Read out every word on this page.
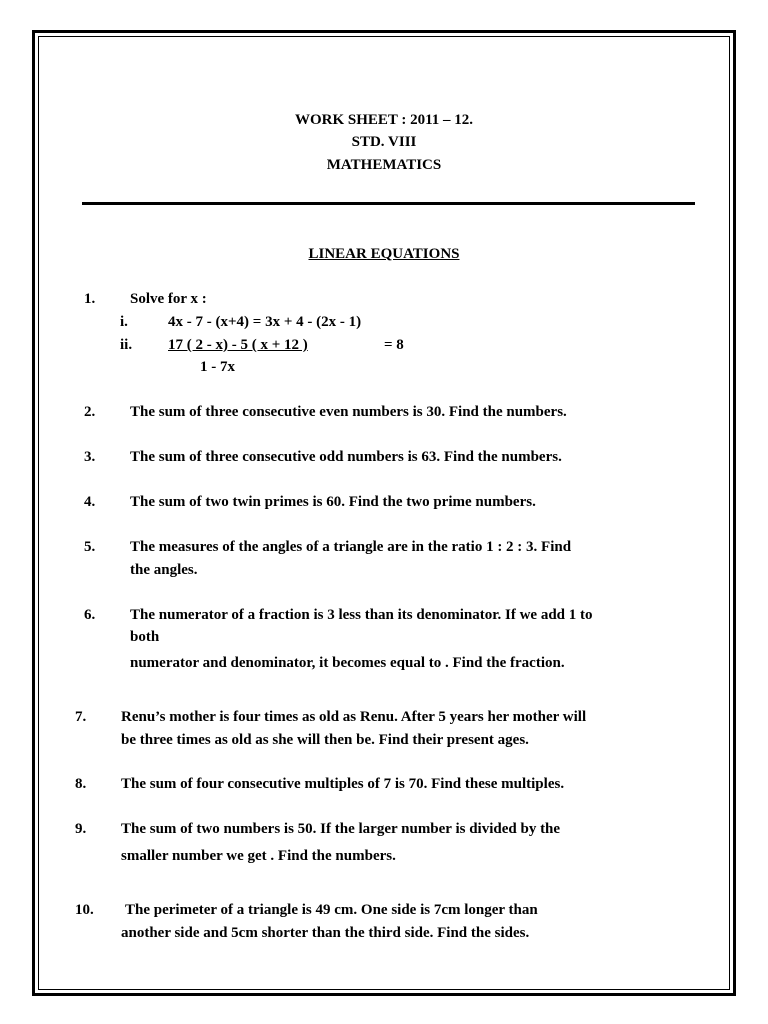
WORK SHEET : 2011 – 12.
STD. VIII
MATHEMATICS
LINEAR EQUATIONS
1. Solve for x :
i.	4x - 7 - (x+4) = 3x + 4 - (2x - 1)
ii. 17 ( 2 - x) - 5 ( x + 12 )	= 8
1 - 7x
2. The sum of three consecutive even numbers is 30. Find the numbers.
3. The sum of three consecutive odd numbers is 63. Find the numbers.
4. The sum of two twin primes is 60. Find the two prime numbers.
5. The measures of the angles of a triangle are in the ratio 1 : 2 : 3. Find
the angles.
6. The numerator of a fraction is 3 less than its denominator. If we add 1 to
both
numerator and denominator, it becomes equal to . Find the fraction.
7. Renu’s mother is four times as old as Renu. After 5 years her mother will
be three times as old as she will then be. Find their present ages.
8. The sum of four consecutive multiples of 7 is 70. Find these multiples.
9. The sum of two numbers is 50. If the larger number is divided by the
smaller number we get . Find the numbers.
10. The perimeter of a triangle is 49 cm. One side is 7cm longer than
another side and 5cm shorter than the third side. Find the sides.
